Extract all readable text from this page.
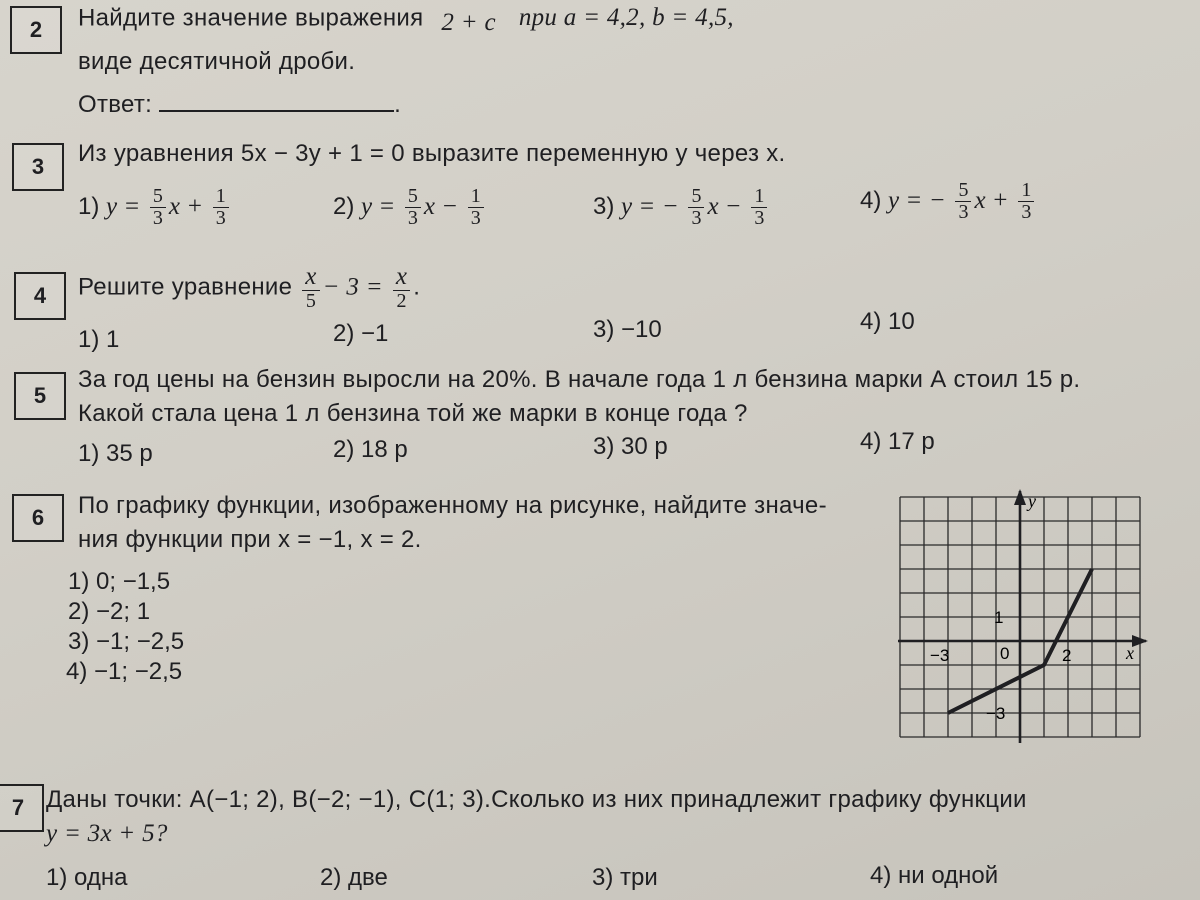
2	Найдите значение выражения 2 + c при a = 4,2, b = 4,5,
виде десятичной дроби.
Ответ:	.
3	Из уравнения 5x − 3y + 1 = 0 выразите переменную y через x.
1) $y = \frac{5}{3}$ $x + \frac{1}{3}$	2) $y = \frac{5}{3}$ $x - \frac{1}{3}$	3) y = − $\frac{5}{3}$ $x - \frac{1}{3}$	4) y = − $\frac{5}{3}$ $x + \frac{1}{3}$
4	Решите уравнение $\frac{x}{5} - 3 = \frac{x}{2}$ .
1) 1	2) −1	3) −10	4) 10
5
За год цены на бензин выросли на 20%. В начале года 1 л бензина марки А стоил 15 р.
Какой стала цена 1 л бензина той же марки в конце года ?
1) 35 р	2) 18 р	3) 30 р	4) 17 р
6	По графику функции, изображенному на рисунке, найдите значе-
ния функции при x = −1, x = 2.
1) 0; −1,5
2) −2; 1
3) −1; −2,5
4) −1; −2,5
y
x
1
0	2
−3
−3
7 Даны точки: A(−1; 2), B(−2; −1), C(1; 3).Сколько из них принадлежит графику функции
y = 3x + 5?
1) одна	2) две	3) три	4) ни одной
